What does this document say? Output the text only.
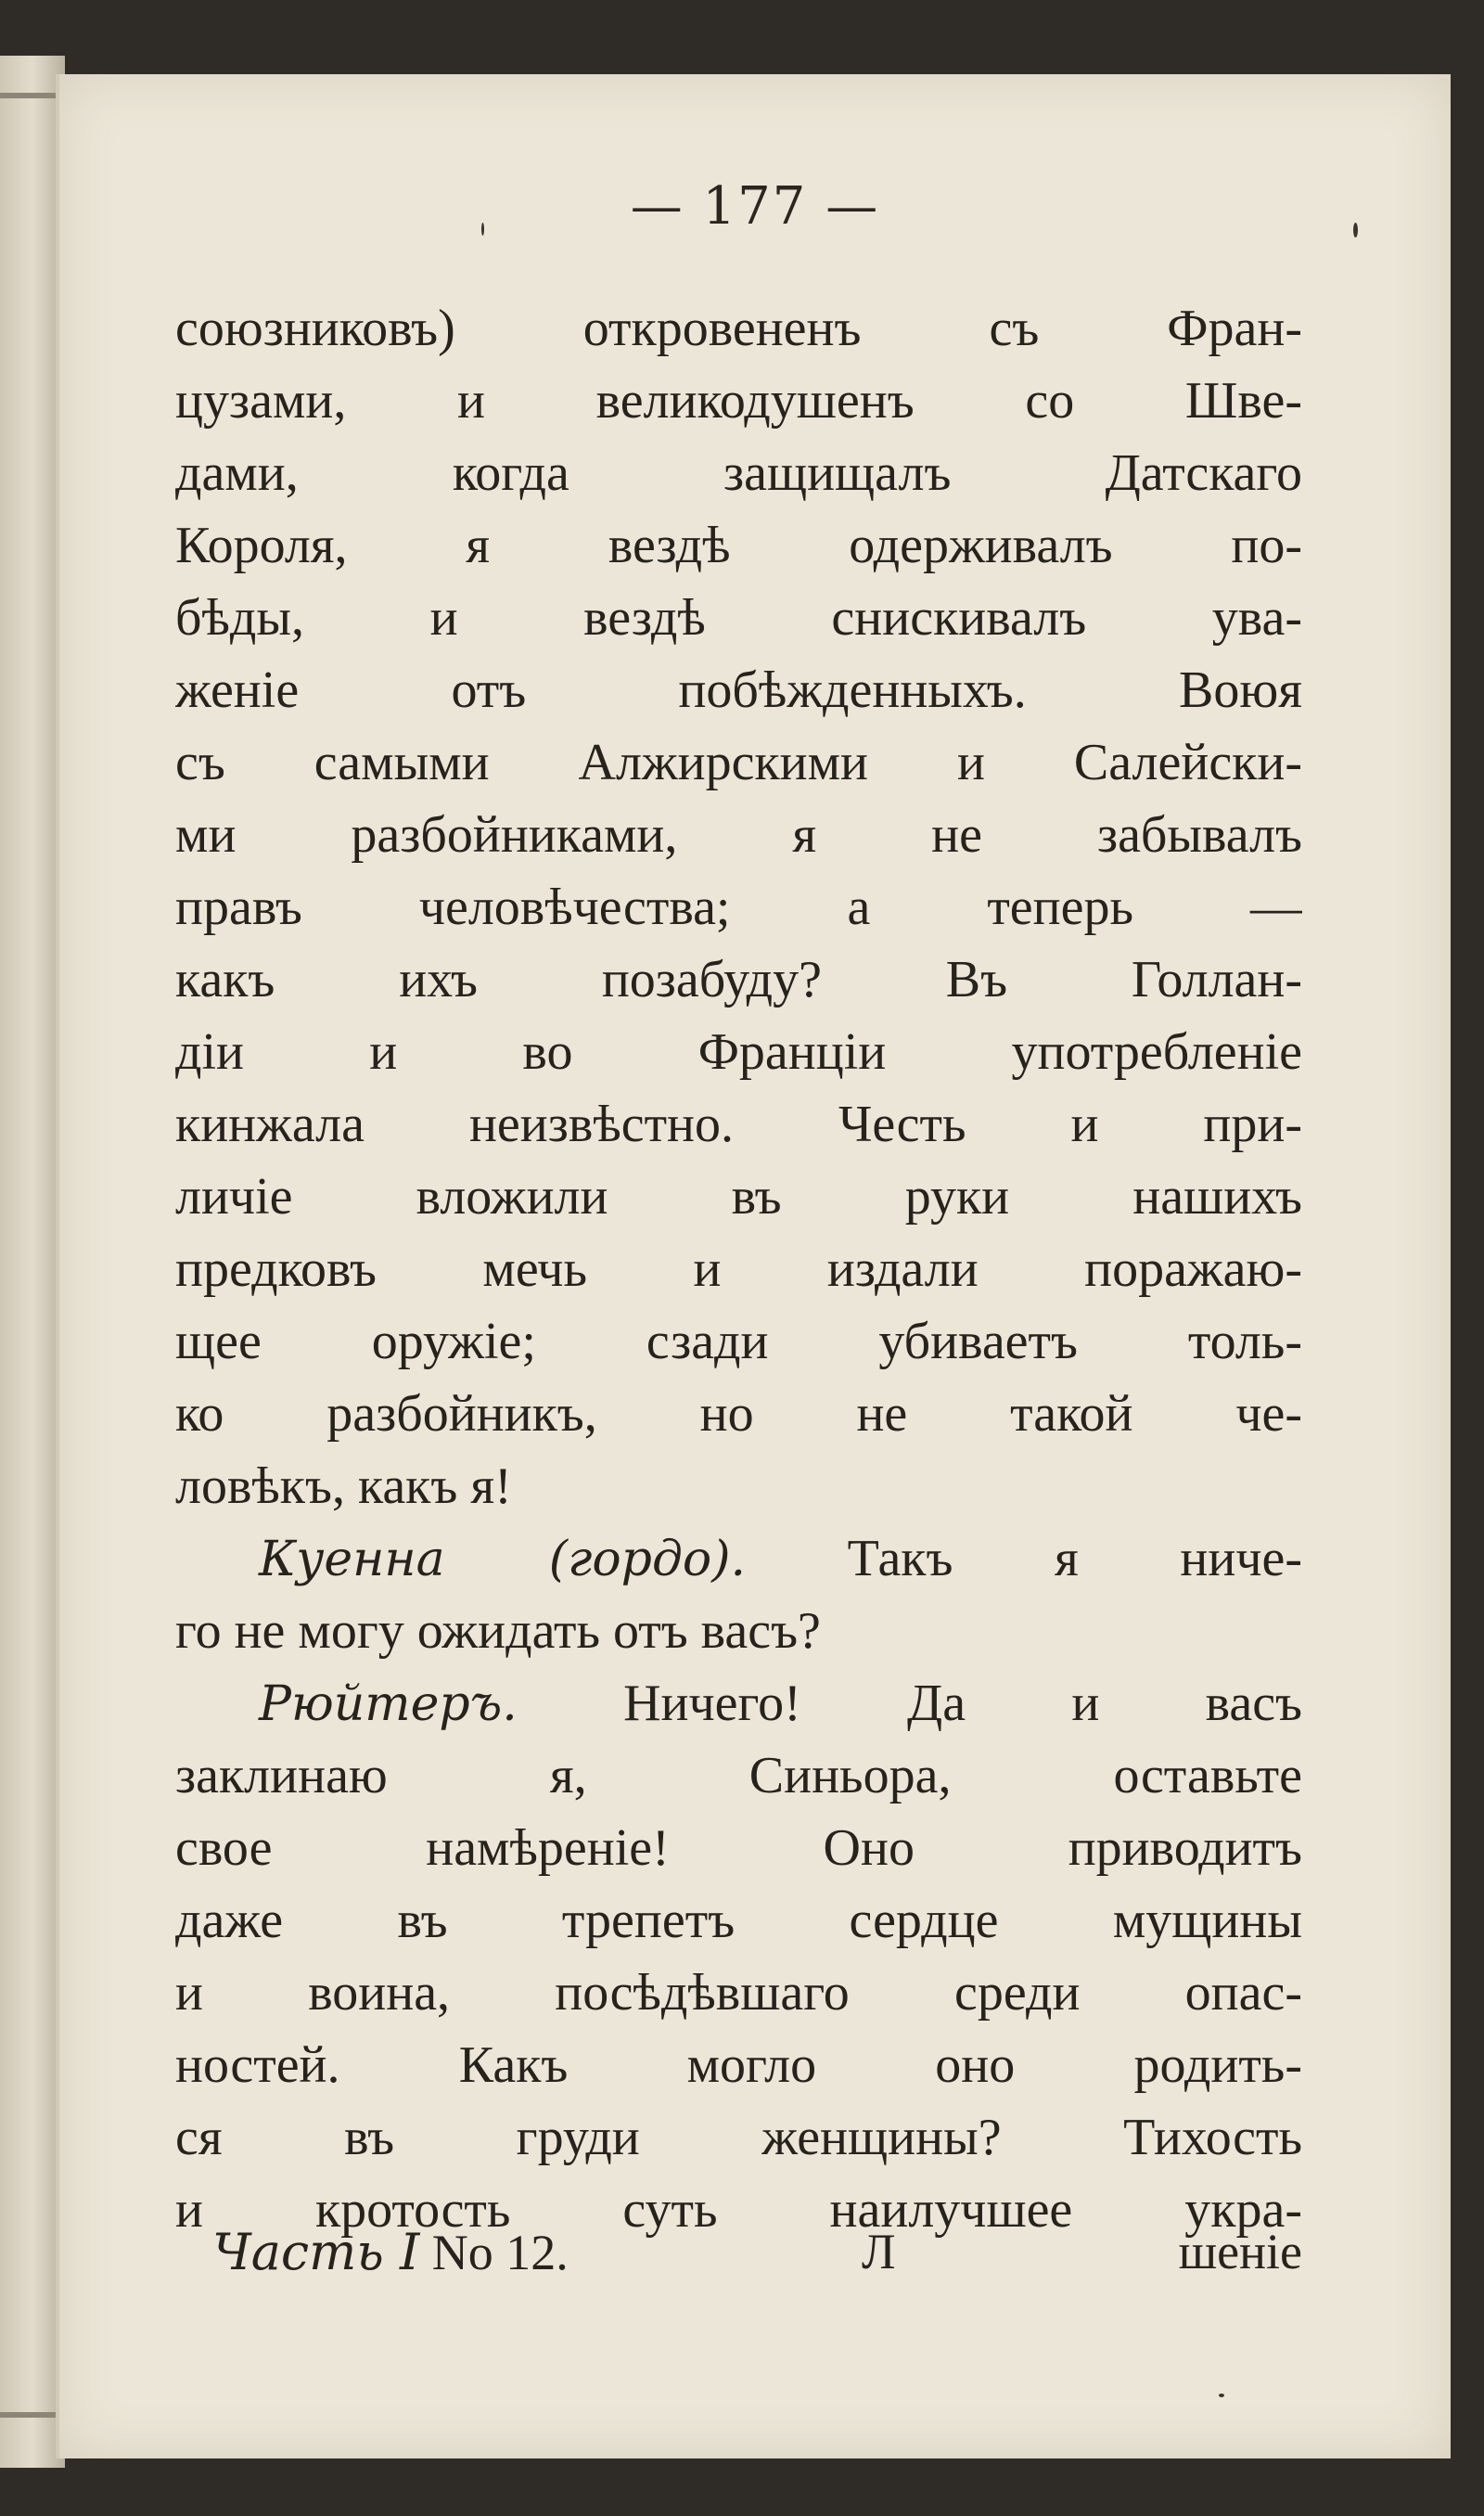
— 177 —
союзниковъ) откровененъ съ Фран-
цузами, и великодушенъ со Шве-
дами, когда защищалъ Датскаго
Короля, я вездѣ одерживалъ по-
бѣды, и вездѣ снискивалъ ува-
женіе отъ побѣжденныхъ. Воюя
съ самыми Алжирскими и Салейски-
ми разбойниками, я не забывалъ
правъ человѣчества; а теперь —
какъ ихъ позабуду? Въ Голлан-
діи и во Франціи употребленіе
кинжала неизвѣстно. Честь и при-
личіе вложили въ руки нашихъ
предковъ мечь и издали поражаю-
щее оружіе; сзади убиваетъ толь-
ко разбойникъ, но не такой че-
ловѣкъ, какъ я!
Куенна (гордо). Такъ я ниче-
го не могу ожидать отъ васъ?
Рюйтеръ. Ничего! Да и васъ
заклинаю я, Синьора, оставьте
свое намѣреніе! Оно приводитъ
даже въ трепетъ сердце мущины
и воина, посѣдѣвшаго среди опас-
ностей. Какъ могло оно родить-
ся въ груди женщины? Тихость
и кротость суть наилучшее укра-
Часть I No 12.	Л	шеніе
